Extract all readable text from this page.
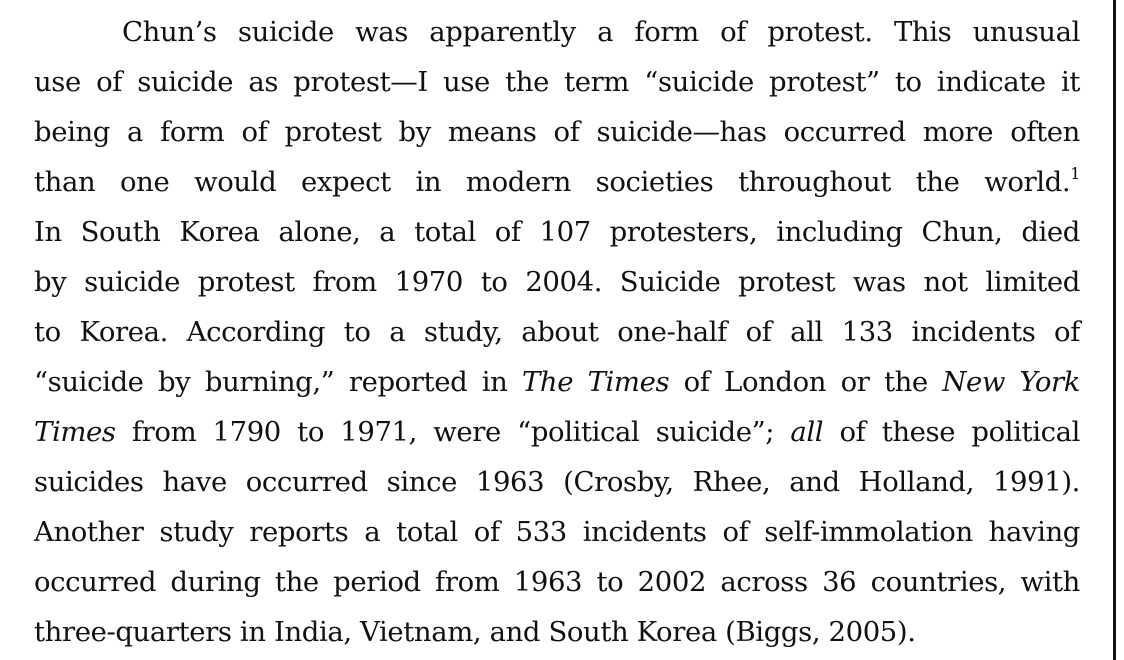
Chun’s suicide was apparently a form of protest. This unusual
use of suicide as protest—I use the term “suicide protest” to indicate it
being a form of protest by means of suicide—has occurred more often
than one would expect in modern societies throughout the world.$^1$
In South Korea alone, a total of 107 protesters, including Chun, died
by suicide protest from 1970 to 2004. Suicide protest was not limited
to Korea. According to a study, about one-half of all 133 incidents of
“suicide by burning,” reported in The Times of London or the New York
Times from 1790 to 1971, were “political suicide”; all of these political
suicides have occurred since 1963 (Crosby, Rhee, and Holland, 1991).
Another study reports a total of 533 incidents of self-immolation having
occurred during the period from 1963 to 2002 across 36 countries, with
three-quarters in India, Vietnam, and South Korea (Biggs, 2005).
